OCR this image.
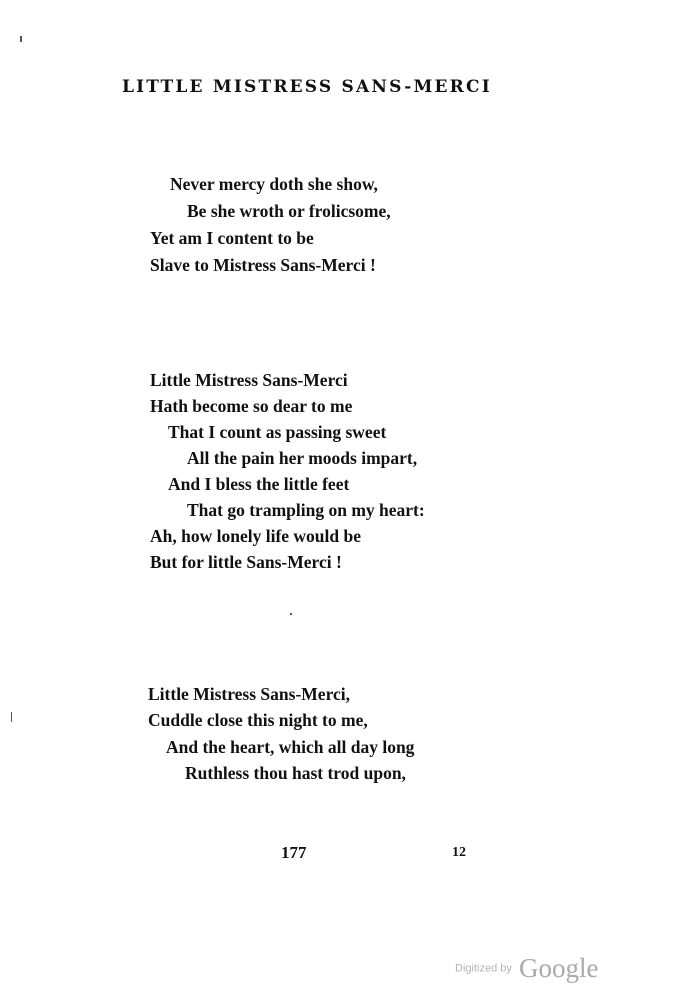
LITTLE MISTRESS SANS-MERCI
Never mercy doth she show,
Be she wroth or frolicsome,
Yet am I content to be
Slave to Mistress Sans-Merci !
Little Mistress Sans-Merci
Hath become so dear to me
That I count as passing sweet
All the pain her moods impart,
And I bless the little feet
That go trampling on my heart:
Ah, how lonely life would be
But for little Sans-Merci !
Little Mistress Sans-Merci,
Cuddle close this night to me,
And the heart, which all day long
Ruthless thou hast trod upon,
177	12
Digitized by Google
